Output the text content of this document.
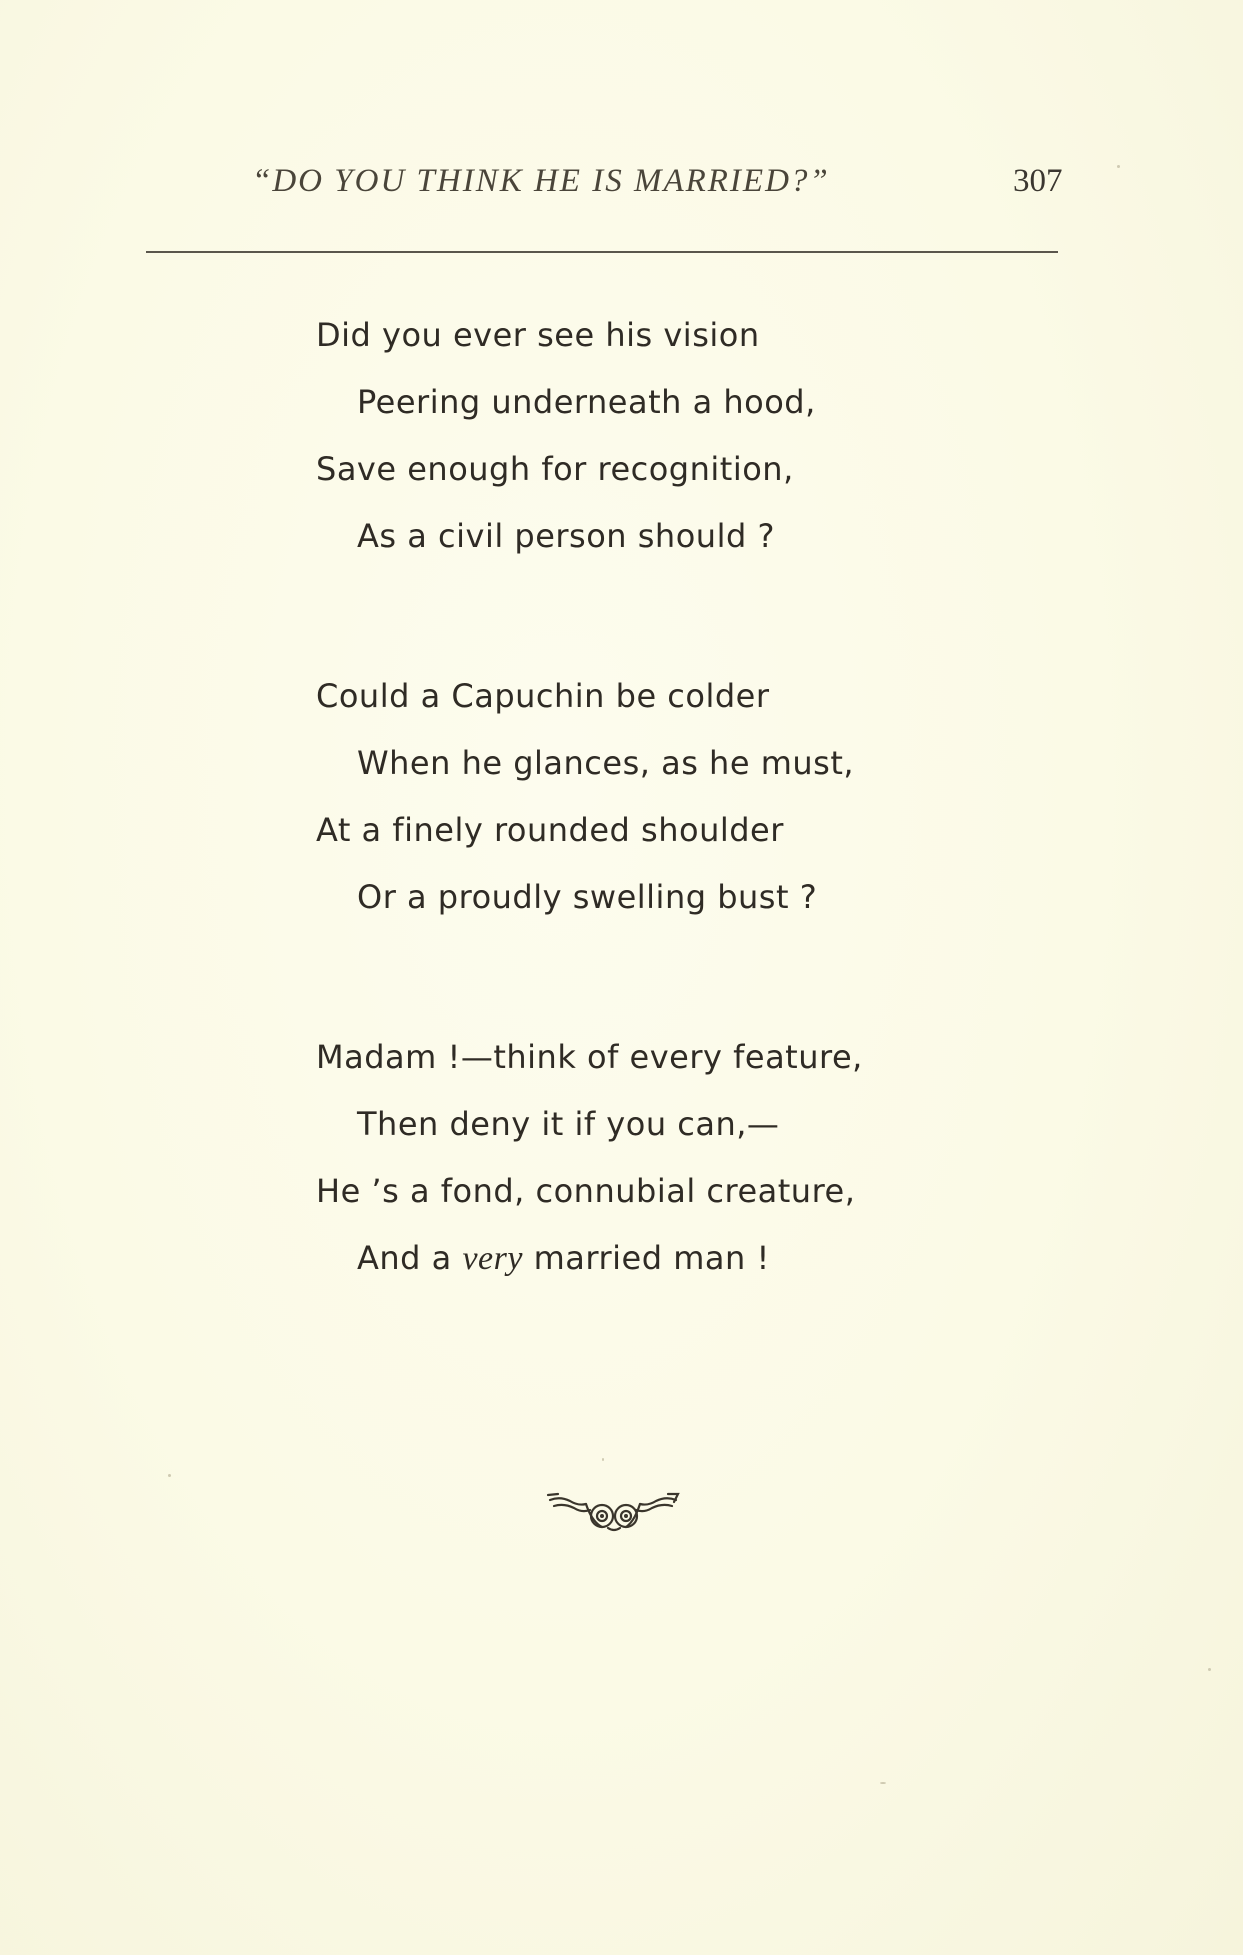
“DO YOU THINK HE IS MARRIED?”	307
Did you ever see his vision
Peering underneath a hood,
Save enough for recognition,
As a civil person should ?
Could a Capuchin be colder
When he glances, as he must,
At a finely rounded shoulder
Or a proudly swelling bust ?
Madam !—think of every feature,
Then deny it if you can,—
He ’s a fond, connubial creature,
And a very married man !
